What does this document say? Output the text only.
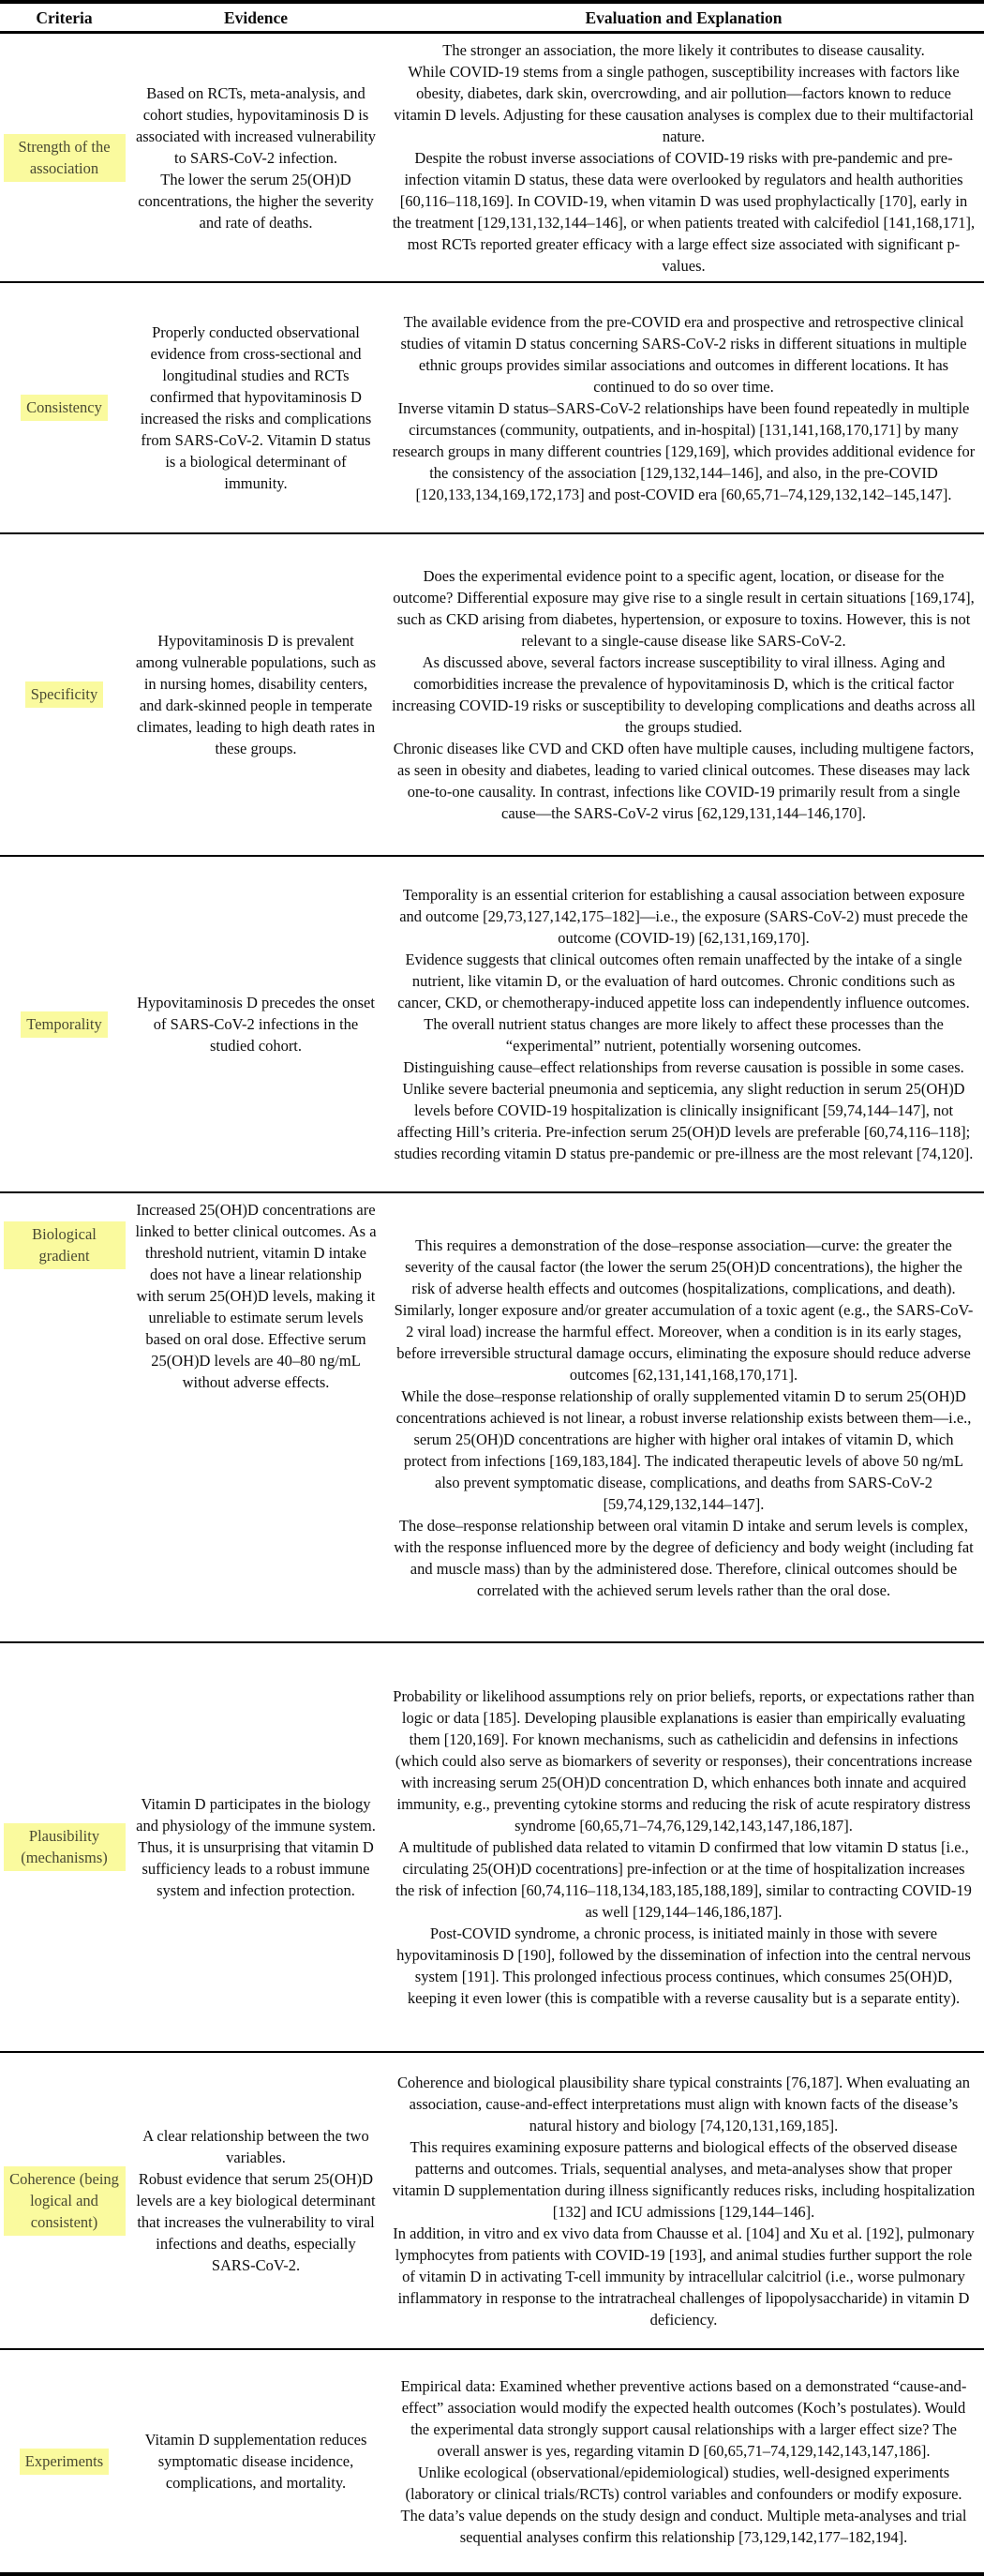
Criteria	Evidence	Evaluation and Explanation
Strength of the association
Based on RCTs, meta-analysis, and cohort studies, hypovitaminosis D is associated with increased vulnerability to SARS-CoV-2 infection.
The lower the serum 25(OH)D concentrations, the higher the severity and rate of deaths.
The stronger an association, the more likely it contributes to disease causality.
While COVID-19 stems from a single pathogen, susceptibility increases with factors like obesity, diabetes, dark skin, overcrowding, and air pollution—factors known to reduce vitamin D levels. Adjusting for these causation analyses is complex due to their multifactorial nature.
Despite the robust inverse associations of COVID-19 risks with pre-pandemic and pre-infection vitamin D status, these data were overlooked by regulators and health authorities [60,116–118,169]. In COVID-19, when vitamin D was used prophylactically [170], early in the treatment [129,131,132,144–146], or when patients treated with calcifediol [141,168,171], most RCTs reported greater efficacy with a large effect size associated with significant p-values.
Consistency
Properly conducted observational evidence from cross-sectional and longitudinal studies and RCTs confirmed that hypovitaminosis D increased the risks and complications from SARS-CoV-2. Vitamin D status is a biological determinant of immunity.
The available evidence from the pre-COVID era and prospective and retrospective clinical studies of vitamin D status concerning SARS-CoV-2 risks in different situations in multiple ethnic groups provides similar associations and outcomes in different locations. It has continued to do so over time.
Inverse vitamin D status–SARS-CoV-2 relationships have been found repeatedly in multiple circumstances (community, outpatients, and in-hospital) [131,141,168,170,171] by many research groups in many different countries [129,169], which provides additional evidence for the consistency of the association [129,132,144–146], and also, in the pre-COVID [120,133,134,169,172,173] and post-COVID era [60,65,71–74,129,132,142–145,147].
Specificity
Hypovitaminosis D is prevalent among vulnerable populations, such as in nursing homes, disability centers, and dark-skinned people in temperate climates, leading to high death rates in these groups.
Does the experimental evidence point to a specific agent, location, or disease for the outcome? Differential exposure may give rise to a single result in certain situations [169,174], such as CKD arising from diabetes, hypertension, or exposure to toxins. However, this is not relevant to a single-cause disease like SARS-CoV-2.
As discussed above, several factors increase susceptibility to viral illness. Aging and comorbidities increase the prevalence of hypovitaminosis D, which is the critical factor increasing COVID-19 risks or susceptibility to developing complications and deaths across all the groups studied.
Chronic diseases like CVD and CKD often have multiple causes, including multigene factors, as seen in obesity and diabetes, leading to varied clinical outcomes. These diseases may lack one-to-one causality. In contrast, infections like COVID-19 primarily result from a single cause—the SARS-CoV-2 virus [62,129,131,144–146,170].
Temporality
Hypovitaminosis D precedes the onset of SARS-CoV-2 infections in the studied cohort.
Temporality is an essential criterion for establishing a causal association between exposure and outcome [29,73,127,142,175–182]—i.e., the exposure (SARS-CoV-2) must precede the outcome (COVID-19) [62,131,169,170].
Evidence suggests that clinical outcomes often remain unaffected by the intake of a single nutrient, like vitamin D, or the evaluation of hard outcomes. Chronic conditions such as cancer, CKD, or chemotherapy-induced appetite loss can independently influence outcomes. The overall nutrient status changes are more likely to affect these processes than the “experimental” nutrient, potentially worsening outcomes.
Distinguishing cause–effect relationships from reverse causation is possible in some cases. Unlike severe bacterial pneumonia and septicemia, any slight reduction in serum 25(OH)D levels before COVID-19 hospitalization is clinically insignificant [59,74,144–147], not affecting Hill’s criteria. Pre-infection serum 25(OH)D levels are preferable [60,74,116–118]; studies recording vitamin D status pre-pandemic or pre-illness are the most relevant [74,120].
Biological gradient
Increased 25(OH)D concentrations are linked to better clinical outcomes. As a threshold nutrient, vitamin D intake does not have a linear relationship with serum 25(OH)D levels, making it unreliable to estimate serum levels based on oral dose. Effective serum 25(OH)D levels are 40–80 ng/mL without adverse effects.
This requires a demonstration of the dose–response association—curve: the greater the severity of the causal factor (the lower the serum 25(OH)D concentrations), the higher the risk of adverse health effects and outcomes (hospitalizations, complications, and death). Similarly, longer exposure and/or greater accumulation of a toxic agent (e.g., the SARS-CoV-2 viral load) increase the harmful effect. Moreover, when a condition is in its early stages, before irreversible structural damage occurs, eliminating the exposure should reduce adverse outcomes [62,131,141,168,170,171].
While the dose–response relationship of orally supplemented vitamin D to serum 25(OH)D concentrations achieved is not linear, a robust inverse relationship exists between them—i.e., serum 25(OH)D concentrations are higher with higher oral intakes of vitamin D, which protect from infections [169,183,184]. The indicated therapeutic levels of above 50 ng/mL also prevent symptomatic disease, complications, and deaths from SARS-CoV-2 [59,74,129,132,144–147].
The dose–response relationship between oral vitamin D intake and serum levels is complex, with the response influenced more by the degree of deficiency and body weight (including fat and muscle mass) than by the administered dose. Therefore, clinical outcomes should be correlated with the achieved serum levels rather than the oral dose.
Plausibility (mechanisms)
Vitamin D participates in the biology and physiology of the immune system.
Thus, it is unsurprising that vitamin D sufficiency leads to a robust immune system and infection protection.
Probability or likelihood assumptions rely on prior beliefs, reports, or expectations rather than logic or data [185]. Developing plausible explanations is easier than empirically evaluating them [120,169]. For known mechanisms, such as cathelicidin and defensins in infections (which could also serve as biomarkers of severity or responses), their concentrations increase with increasing serum 25(OH)D concentration D, which enhances both innate and acquired immunity, e.g., preventing cytokine storms and reducing the risk of acute respiratory distress syndrome [60,65,71–74,76,129,142,143,147,186,187].
A multitude of published data related to vitamin D confirmed that low vitamin D status [i.e., circulating 25(OH)D cocentrations] pre-infection or at the time of hospitalization increases the risk of infection [60,74,116–118,134,183,185,188,189], similar to contracting COVID-19 as well [129,144–146,186,187].
Post-COVID syndrome, a chronic process, is initiated mainly in those with severe hypovitaminosis D [190], followed by the dissemination of infection into the central nervous system [191]. This prolonged infectious process continues, which consumes 25(OH)D, keeping it even lower (this is compatible with a reverse causality but is a separate entity).
Coherence (being logical and consistent)
A clear relationship between the two variables.
Robust evidence that serum 25(OH)D levels are a key biological determinant that increases the vulnerability to viral infections and deaths, especially SARS-CoV-2.
Coherence and biological plausibility share typical constraints [76,187]. When evaluating an association, cause-and-effect interpretations must align with known facts of the disease’s natural history and biology [74,120,131,169,185].
This requires examining exposure patterns and biological effects of the observed disease patterns and outcomes. Trials, sequential analyses, and meta-analyses show that proper vitamin D supplementation during illness significantly reduces risks, including hospitalization [132] and ICU admissions [129,144–146].
In addition, in vitro and ex vivo data from Chausse et al. [104] and Xu et al. [192], pulmonary lymphocytes from patients with COVID-19 [193], and animal studies further support the role of vitamin D in activating T-cell immunity by intracellular calcitriol (i.e., worse pulmonary inflammatory in response to the intratracheal challenges of lipopolysaccharide) in vitamin D deficiency.
Experiments
Vitamin D supplementation reduces symptomatic disease incidence, complications, and mortality.
Empirical data: Examined whether preventive actions based on a demonstrated “cause-and-effect” association would modify the expected health outcomes (Koch’s postulates). Would the experimental data strongly support causal relationships with a larger effect size? The overall answer is yes, regarding vitamin D [60,65,71–74,129,142,143,147,186].
Unlike ecological (observational/epidemiological) studies, well-designed experiments (laboratory or clinical trials/RCTs) control variables and confounders or modify exposure. The data’s value depends on the study design and conduct. Multiple meta-analyses and trial sequential analyses confirm this relationship [73,129,142,177–182,194].
